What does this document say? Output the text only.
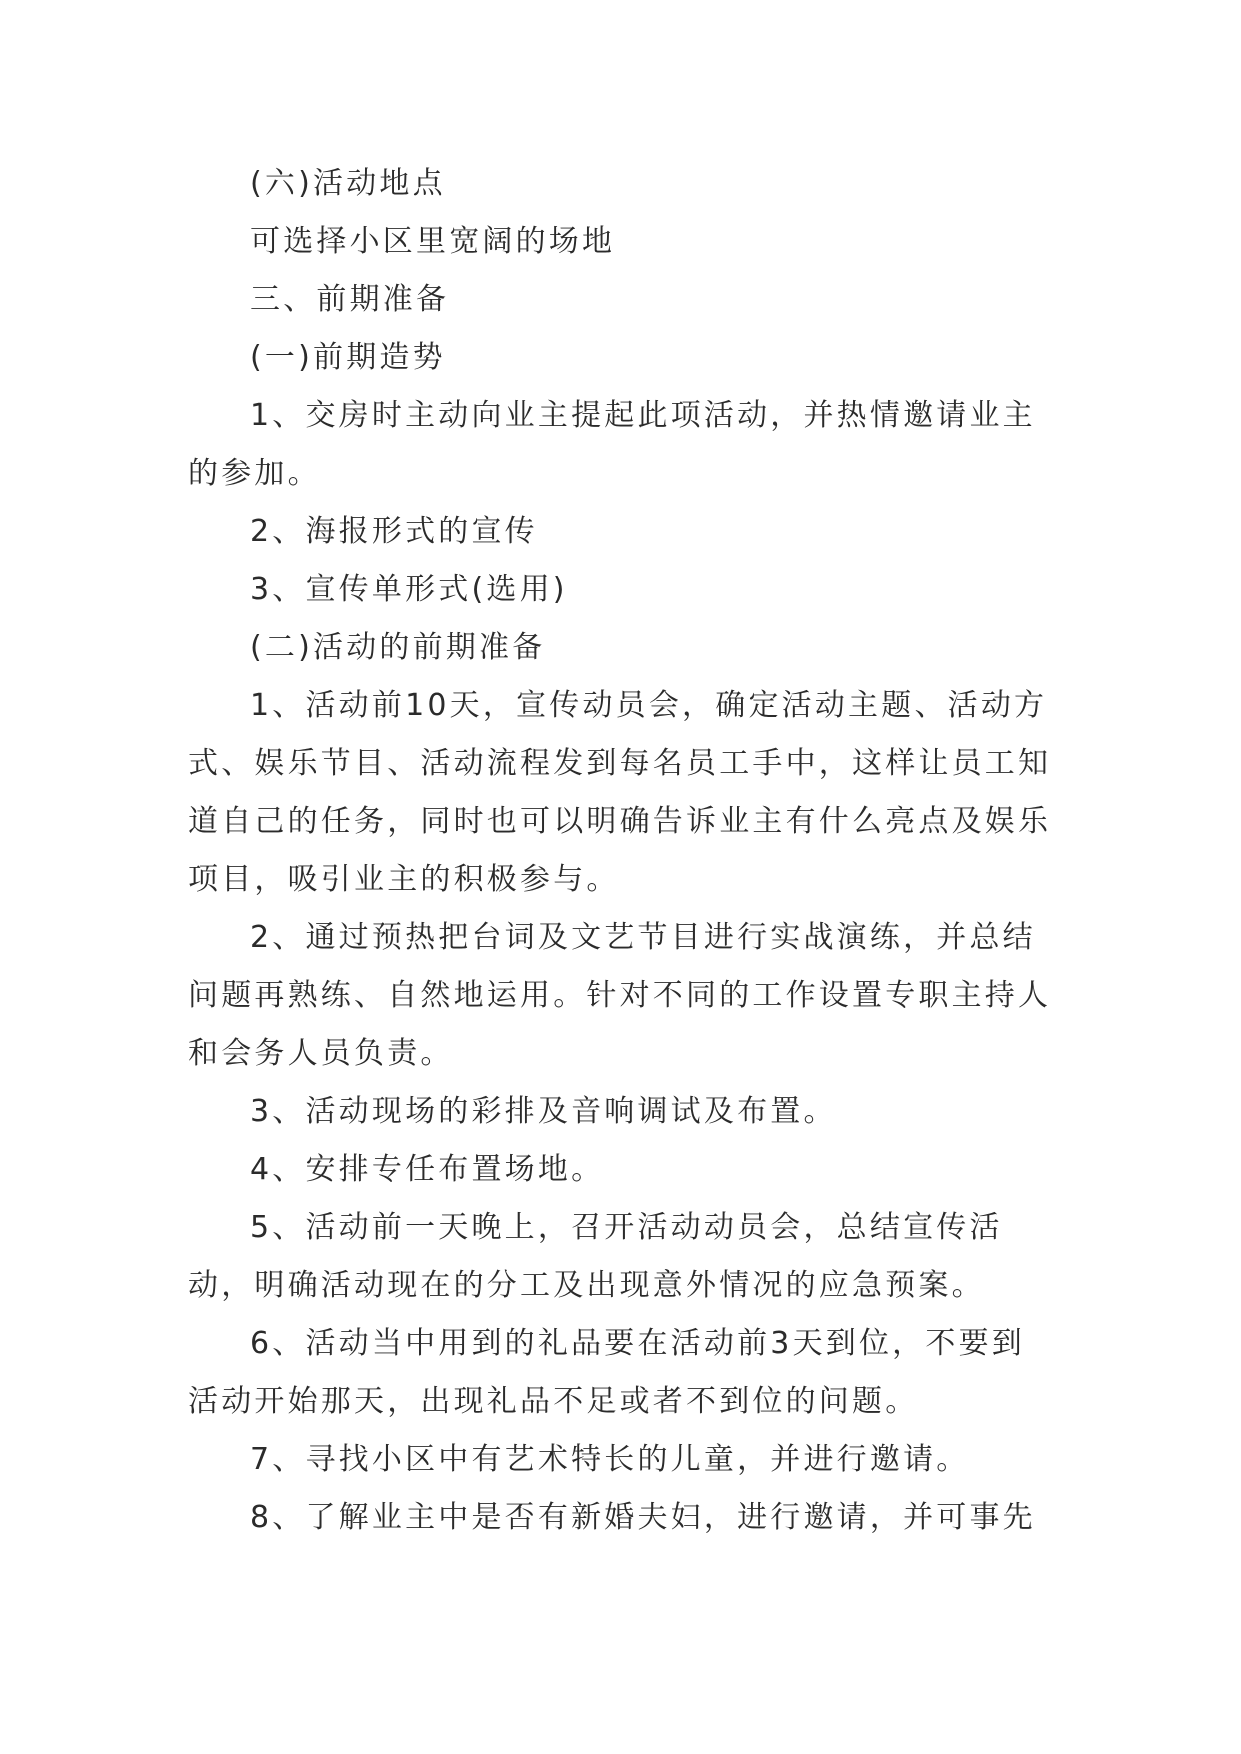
(六)活动地点

可选择小区里宽阔的场地

三、前期准备

(一)前期造势

1、交房时主动向业主提起此项活动，并热情邀请业主的参加。

2、海报形式的宣传

3、宣传单形式(选用)

(二)活动的前期准备

1、活动前10天，宣传动员会，确定活动主题、活动方式、娱乐节目、活动流程发到每名员工手中，这样让员工知道自己的任务，同时也可以明确告诉业主有什么亮点及娱乐项目，吸引业主的积极参与。

2、通过预热把台词及文艺节目进行实战演练，并总结问题再熟练、自然地运用。针对不同的工作设置专职主持人和会务人员负责。

3、活动现场的彩排及音响调试及布置。

4、安排专任布置场地。

5、活动前一天晚上，召开活动动员会，总结宣传活动，明确活动现在的分工及出现意外情况的应急预案。

6、活动当中用到的礼品要在活动前3天到位，不要到活动开始那天，出现礼品不足或者不到位的问题。

7、寻找小区中有艺术特长的儿童，并进行邀请。

8、了解业主中是否有新婚夫妇，进行邀请，并可事先
